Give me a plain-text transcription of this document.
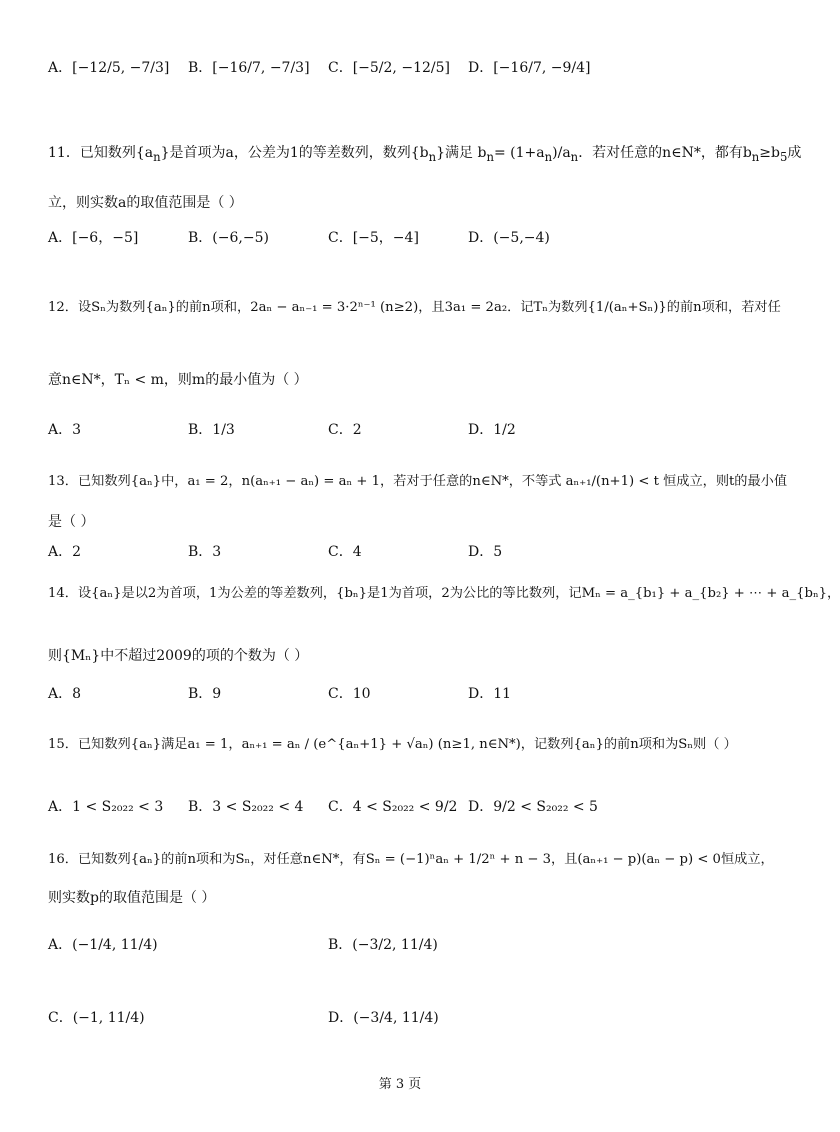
A．[−12/5, −7/3] B．[−16/7, −7/3] C．[−5/2, −12/5] D．[−16/7, −9/4]
11．已知数列$\{a_n\}$是首项为a，公差为1的等差数列，数列$\{b_n\}$满足 $b_n= (1+a_n)/a_n$．若对任意的n∈N*，都有$b_n\ge b_5$成
立，则实数a的取值范围是（ ）
A．[−6，−5]	B．(−6,−5)	C．[−5，−4]	D．(−5,−4)
12．设Sₙ为数列{aₙ}的前n项和，2aₙ − aₙ₋₁ = 3·2ⁿ⁻¹ (n≥2)，且3a₁ = 2a₂．记Tₙ为数列{1/(aₙ+Sₙ)}的前n项和，若对任
意n∈N*，Tₙ < m，则m的最小值为（ ）
A．3	B．1/3	C．2	D．1/2
13．已知数列{aₙ}中，a₁ = 2，n(aₙ₊₁ − aₙ) = aₙ + 1，若对于任意的n∈N*，不等式 aₙ₊₁/(n+1) < t 恒成立，则t的最小值
是（ ）
A．2	B．3	C．4	D．5
14．设{aₙ}是以2为首项，1为公差的等差数列，{bₙ}是1为首项，2为公比的等比数列，记Mₙ = a_{b₁} + a_{b₂} + ⋯ + a_{bₙ}，
则{Mₙ}中不超过2009的项的个数为（ ）
A．8	B．9	C．10	D．11
15．已知数列{aₙ}满足a₁ = 1，aₙ₊₁ = aₙ / (e^{aₙ+1} + √aₙ) (n≥1, n∈N*)，记数列{aₙ}的前n项和为Sₙ则（ ）
A．1 < S₂₀₂₂ < 3 B．3 < S₂₀₂₂ < 4 C．4 < S₂₀₂₂ < 9/2 D．9/2 < S₂₀₂₂ < 5
16．已知数列{aₙ}的前n项和为Sₙ，对任意n∈N*，有Sₙ = (−1)ⁿaₙ + 1/2ⁿ + n − 3，且(aₙ₊₁ − p)(aₙ − p) < 0恒成立，
则实数p的取值范围是（ ）
A．(−1/4, 11/4)	B．(−3/2, 11/4)
C．(−1, 11/4)	D．(−3/4, 11/4)
第 3 页
